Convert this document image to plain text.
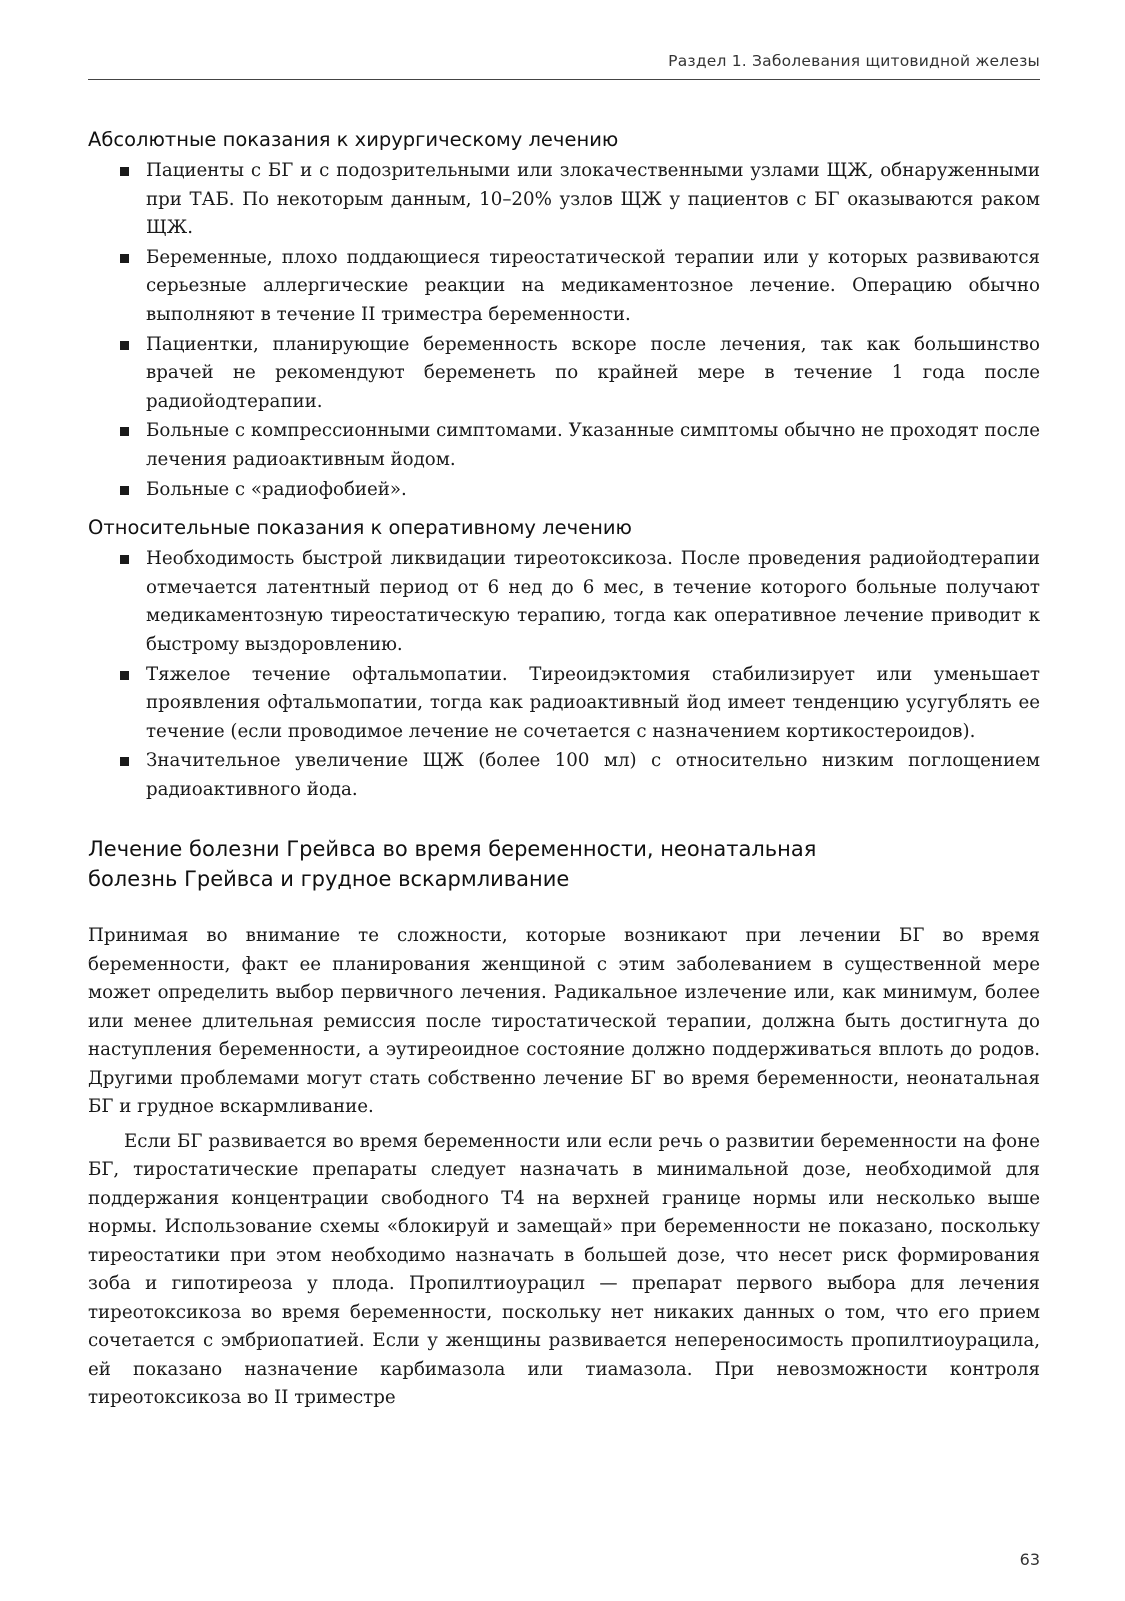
Раздел 1. Заболевания щитовидной железы
Абсолютные показания к хирургическому лечению
Пациенты с БГ и с подозрительными или злокачественными узлами ЩЖ, обнаруженными при ТАБ. По некоторым данным, 10–20% узлов ЩЖ у пациентов с БГ оказываются раком ЩЖ.
Беременные, плохо поддающиеся тиреостатической терапии или у которых развиваются серьезные аллергические реакции на медикаментозное лечение. Операцию обычно выполняют в течение II триместра беременности.
Пациентки, планирующие беременность вскоре после лечения, так как большинство врачей не рекомендуют беременеть по крайней мере в течение 1 года после радиойодтерапии.
Больные с компрессионными симптомами. Указанные симптомы обычно не проходят после лечения радиоактивным йодом.
Больные с «радиофобией».
Относительные показания к оперативному лечению
Необходимость быстрой ликвидации тиреотоксикоза. После проведения радиойодтерапии отмечается латентный период от 6 нед до 6 мес, в течение которого больные получают медикаментозную тиреостатическую терапию, тогда как оперативное лечение приводит к быстрому выздоровлению.
Тяжелое течение офтальмопатии. Тиреоидэктомия стабилизирует или уменьшает проявления офтальмопатии, тогда как радиоактивный йод имеет тенденцию усугублять ее течение (если проводимое лечение не сочетается с назначением кортикостероидов).
Значительное увеличение ЩЖ (более 100 мл) с относительно низким поглощением радиоактивного йода.
Лечение болезни Грейвса во время беременности, неонатальная
болезнь Грейвса и грудное вскармливание

Принимая во внимание те сложности, которые возникают при лечении БГ во время беременности, факт ее планирования женщиной с этим заболеванием в существенной мере может определить выбор первичного лечения. Радикальное излечение или, как минимум, более или менее длительная ремиссия после тиростатической терапии, должна быть достигнута до наступления беременности, а эутиреоидное состояние должно поддерживаться вплоть до родов. Другими проблемами могут стать собственно лечение БГ во время беременности, неонатальная БГ и грудное вскармливание.

Если БГ развивается во время беременности или если речь о развитии беременности на фоне БГ, тиростатические препараты следует назначать в минимальной дозе, необходимой для поддержания концентрации свободного Т4 на верхней границе нормы или несколько выше нормы. Использование схемы «блокируй и замещай» при беременности не показано, поскольку тиреостатики при этом необходимо назначать в большей дозе, что несет риск формирования зоба и гипотиреоза у плода. Пропилтиоурацил — препарат первого выбора для лечения тиреотоксикоза во время беременности, поскольку нет никаких данных о том, что его прием сочетается с эмбриопатией. Если у женщины развивается непереносимость пропилтиоурацила, ей показано назначение карбимазола или тиамазола. При невозможности контроля тиреотоксикоза во II триместре

63
